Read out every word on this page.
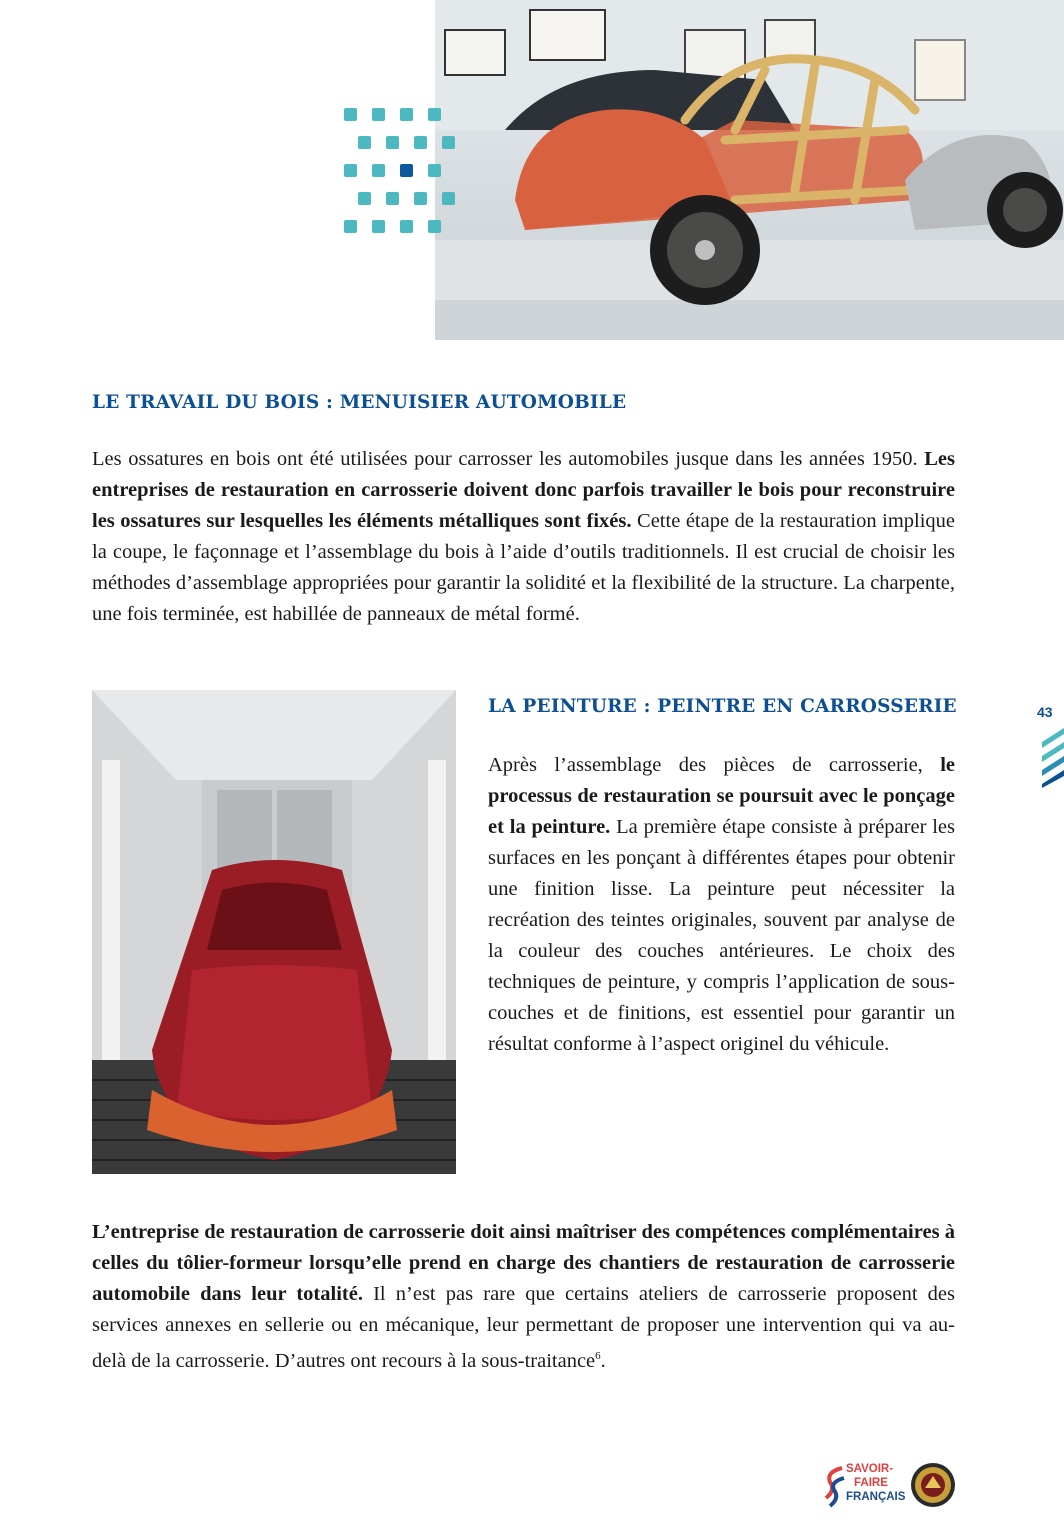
LE TRAVAIL DU BOIS : MENUISIER AUTOMOBILE

Les ossatures en bois ont été utilisées pour carrosser les automobiles jusque dans les années 1950. Les entreprises de restauration en carrosserie doivent donc parfois travailler le bois pour reconstruire les ossatures sur lesquelles les éléments métalliques sont fixés. Cette étape de la restauration implique la coupe, le façonnage et l’assemblage du bois à l’aide d’outils traditionnels. Il est crucial de choisir les méthodes d’assemblage appropriées pour garantir la solidité et la flexibilité de la structure. La charpente, une fois terminée, est habillée de panneaux de métal formé.

LA PEINTURE : PEINTRE EN CARROSSERIE

Après l’assemblage des pièces de carrosserie, le processus de restauration se poursuit avec le ponçage et la peinture. La première étape consiste à préparer les surfaces en les ponçant à différentes étapes pour obtenir une finition lisse. La peinture peut nécessiter la recréation des teintes originales, souvent par analyse de la couleur des couches antérieures. Le choix des techniques de peinture, y compris l’application de sous-couches et de finitions, est essentiel pour garantir un résultat conforme à l’aspect originel du véhicule.

L’entreprise de restauration de carrosserie doit ainsi maîtriser des compétences complémentaires à celles du tôlier-formeur lorsqu’elle prend en charge des chantiers de restauration de carrosserie automobile dans leur totalité. Il n’est pas rare que certains ateliers de carrosserie proposent des services annexes en sellerie ou en mécanique, leur permettant de proposer une intervention qui va au-delà de la carrosserie. D’autres ont recours à la sous-traitance$^6$.

43
SAVOIR-
FAIRE
FRANÇAIS
